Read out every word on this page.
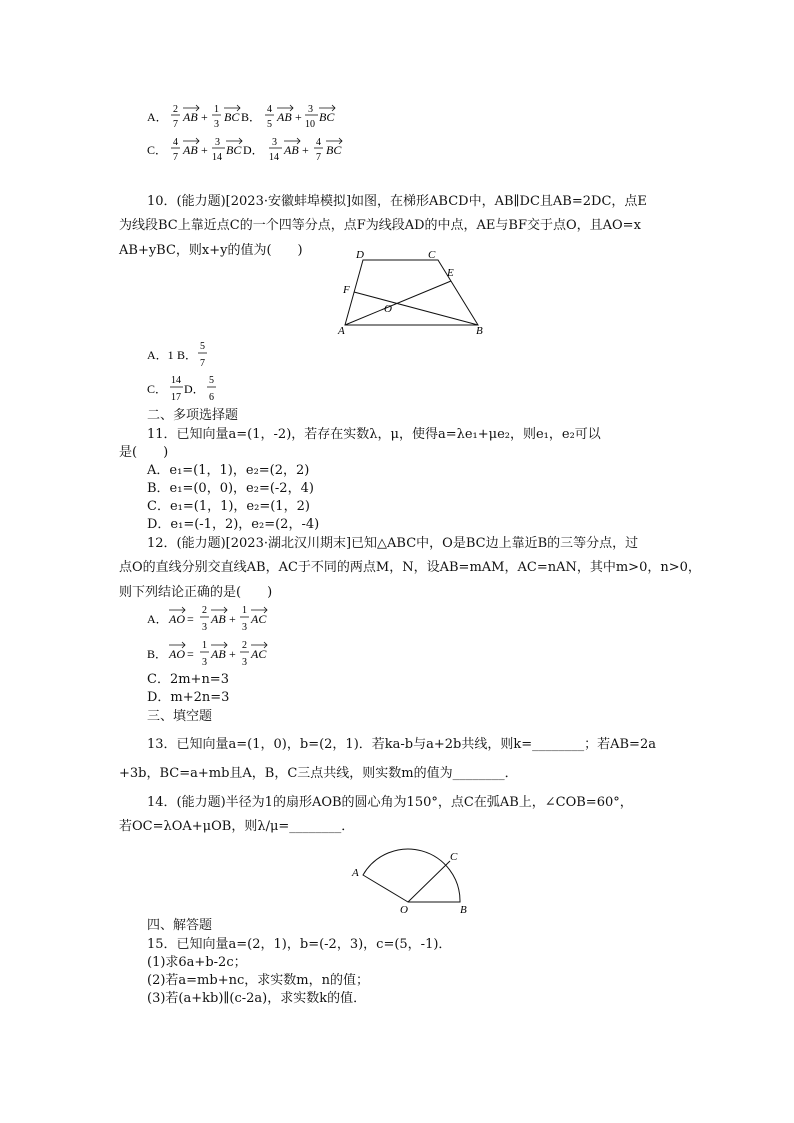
A．
2
7
AB +
1
3
BC B．
4
5
AB +
3
10
BC
C．
4
7
AB +
3
14
BC D．
3
14
AB +
4
7
BC
10．(能力题)[2023·安徽蚌埠模拟]如图，在梯形ABCD中，AB∥DC且AB=2DC，点E
为线段BC上靠近点C的一个四等分点，点F为线段AD的中点，AE与BF交于点O，且AO=x
AB+yBC，则x+y的值为(　　)	D	C
E
F
O
A	B
A．1 B．
5
7
C．
14
17
D．
5
6
二、多项选择题
11．已知向量a=(1，-2)，若存在实数λ，μ，使得a=λe₁+μe₂，则e₁，e₂可以
是(　　)
A．e₁=(1，1)，e₂=(2，2)
B．e₁=(0，0)，e₂=(-2，4)
C．e₁=(1，1)，e₂=(1，2)
D．e₁=(-1，2)，e₂=(2，-4)
12．(能力题)[2023·湖北汉川期末]已知△ABC中，O是BC边上靠近B的三等分点，过
点O的直线分别交直线AB，AC于不同的两点M，N，设AB=mAM，AC=nAN，其中m>0，n>0，
则下列结论正确的是(　　)
A． AO =
2
3
AB +
1
3
AC
B． AO =
1
3
AB +
2
3
AC
C．2m+n=3
D．m+2n=3
三、填空题
13．已知向量a=(1，0)，b=(2，1)．若ka-b与a+2b共线，则k=________；若AB=2a
+3b，BC=a+mb且A，B，C三点共线，则实数m的值为________．
14．(能力题)半径为1的扇形AOB的圆心角为150°，点C在弧AB上，∠COB=60°，
若OC=λOA+μOB，则λ/μ=________．
A
C
O	B
四、解答题
15．已知向量a=(2，1)，b=(-2，3)，c=(5，-1)．
(1)求6a+b-2c；
(2)若a=mb+nc，求实数m，n的值；
(3)若(a+kb)∥(c-2a)，求实数k的值．
